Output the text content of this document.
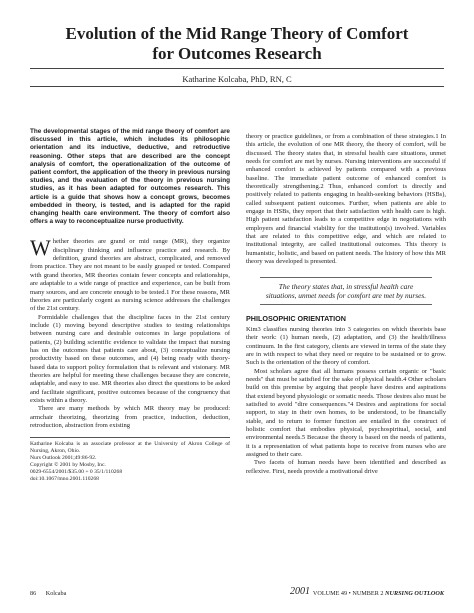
Evolution of the Mid Range Theory of Comfort
for Outcomes Research
Katharine Kolcaba, PhD, RN, C

The developmental stages of the mid range theory of comfort are discussed in this article, which includes its philosophic orientation and its inductive, deductive, and retroductive reasoning. Other steps that are described are the concept analysis of comfort, the operationalization of the outcome of patient comfort, the application of the theory in previous nursing studies, and the evaluation of the theory in previous nursing studies, as it has been adapted for outcomes research. This article is a guide that shows how a concept grows, becomes embedded in theory, is tested, and is adapted for the rapid changing health care environment. The theory of comfort also offers a way to reconceptualize nurse productivity.

Whether theories are grand or mid range (MR), they organize disciplinary thinking and influence practice and research. By definition, grand theories are abstract, complicated, and removed from practice. They are not meant to be easily grasped or tested. Compared with grand theories, MR theories contain fewer concepts and relationships, are adaptable to a wide range of practice and experience, can be built from many sources, and are concrete enough to be tested.1 For these reasons, MR theories are particularly cogent as nursing science addresses the challenges of the 21st century.

Formidable challenges that the discipline faces in the 21st century include (1) moving beyond descriptive studies to testing relationships between nursing care and desirable outcomes in large populations of patients, (2) building scientific evidence to validate the impact that nursing has on the outcomes that patients care about, (3) conceptualize nursing productivity based on these outcomes, and (4) being ready with theory-based data to support policy formulation that is relevant and visionary. MR theories are helpful for meeting these challenges because they are concrete, adaptable, and easy to use. MR theories also direct the questions to be asked and facilitate significant, positive outcomes because of the congruency that exists within a theory.

There are many methods by which MR theory may be produced: armchair theorizing, theorizing from practice, induction, deduction, retroduction, abstraction from existing

Katharine Kolcaba is an associate professor at the University of Akron College of Nursing, Akron, Ohio.
Nurs Outlook 2001;49:86-92.
Copyright © 2001 by Mosby, Inc.
0029-6554/2001/$35.00 + 0 35/1/110268
doi:10.1067/mno.2001.110268

theory or practice guidelines, or from a combination of these strategies.1 In this article, the evolution of one MR theory, the theory of comfort, will be discussed. The theory states that, in stressful health care situations, unmet needs for comfort are met by nurses. Nursing interventions are successful if enhanced comfort is achieved by patients compared with a previous baseline. The immediate patient outcome of enhanced comfort is theoretically strengthening.2 Thus, enhanced comfort is directly and positively related to patients engaging in health-seeking behaviors (HSBs), called subsequent patient outcomes. Further, when patients are able to engage in HSBs, they report that their satisfaction with health care is high. High patient satisfaction leads to a competitive edge in negotiations with employers and financial viability for the institution(s) involved. Variables that are related to this competitive edge, and which are related to institutional integrity, are called institutional outcomes. This theory is humanistic, holistic, and based on patient needs. The history of how this MR theory was developed is presented.

The theory states that, in stressful health care situations, unmet needs for comfort are met by nurses.
PHILOSOPHIC ORIENTATION

Kim3 classifies nursing theories into 3 categories on which theorists base their work: (1) human needs, (2) adaptation, and (3) the health/illness continuum. In the first category, clients are viewed in terms of the state they are in with respect to what they need or require to be sustained or to grow. Such is the orientation of the theory of comfort.

Most scholars agree that all humans possess certain organic or "basic needs" that must be satisfied for the sake of physical health.4 Other scholars build on this premise by arguing that people have desires and aspirations that extend beyond physiologic or somatic needs. Those desires also must be satisfied to avoid "dire consequences."4 Desires and aspirations for social support, to stay in their own homes, to be understood, to be financially stable, and to return to former function are entailed in the construct of holistic comfort that embodies physical, psychospiritual, social, and environmental needs.5 Because the theory is based on the needs of patients, it is a representation of what patients hope to receive from nurses who are assigned to their care.

Two facets of human needs have been identified and described as reflexive. First, needs provide a motivational drive

86 Kolcaba	2001 VOLUME 49 • NUMBER 2 NURSING OUTLOOK
